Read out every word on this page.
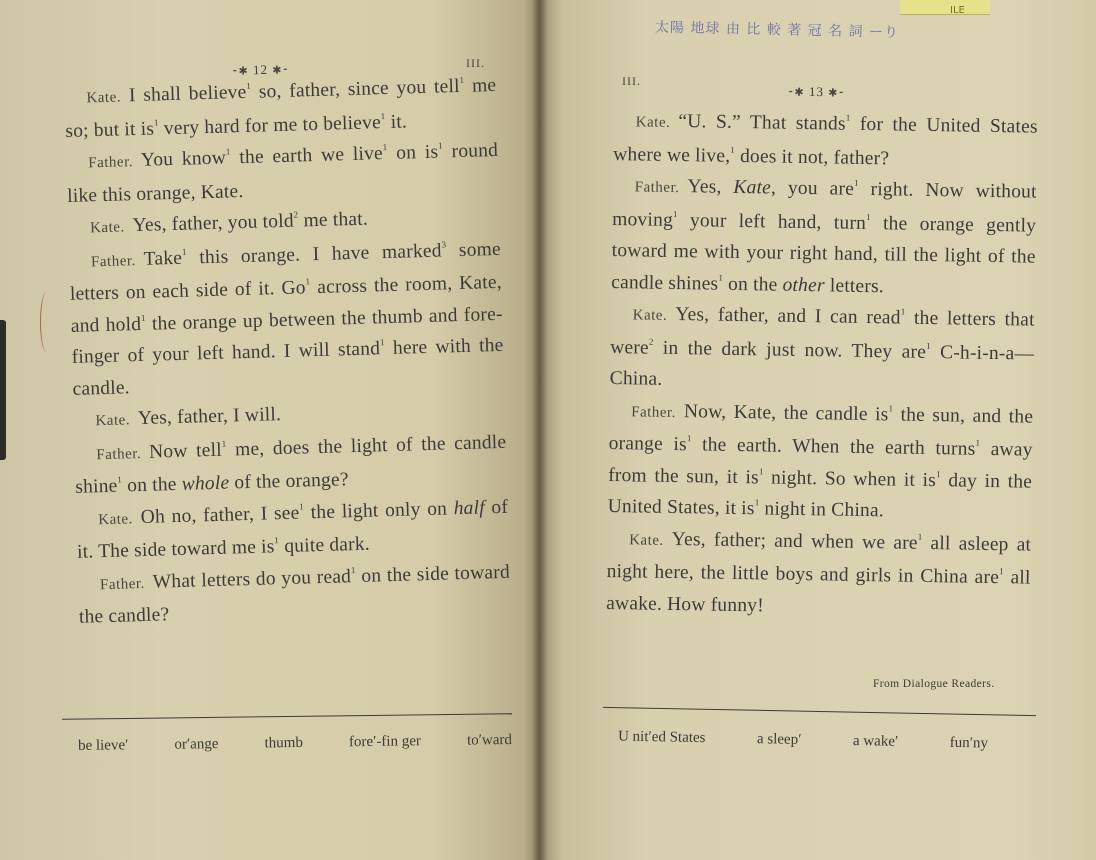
ILE
太陽 地球 由 比 較 著 冠 名 詞 ーり
⁃✱ 12 ✱⁃
III.
III.
⁃✱ 13 ✱⁃

Kate. I shall believe$^1$ so, father, since you tell$^1$ me so; but it $is^1$ very hard for me to believe$^1$ it.

Father. You know$^1$ the earth we live$^1$ on $is^1$ round like this orange, Kate.

Kate. Yes, father, you told$^2$ me that.

Father. Take$^1$ this orange. I have marked$^3$ some letters on each side of it. Go$^1$ across the room, Kate, and hold$^1$ the orange up between the thumb and fore-finger of your left hand. I will stand$^1$ here with the candle.

Kate. Yes, father, I will.

Father. Now tell$^1$ me, does the light of the candle shine$^1$ on the whole of the orange?

Kate. Oh no, father, I see$^1$ the light only on half of it. The side toward me $is^1$ quite dark.

Father. What letters do you read$^1$ on the side toward the candle?

Kate. “U. S.” That stands$^1$ for the United States where we live,$^1$ does it not, father?

Father. Yes, Kate, you are$^1$ right. Now without moving$^1$ your left hand, turn$^1$ the orange gently toward me with your right hand, till the light of the candle shines$^1$ on the other letters.

Kate. Yes, father, and I can read$^1$ the letters that were$^2$ in the dark just now. They are$^1$ C-h-i-n-a—China.

Father. Now, Kate, the candle $is^1$ the sun, and the orange $is^1$ the earth. When the earth turns$^1$ away from the sun, it $is^1$ night. So when it $is^1$ day in the United States, it $is^1$ night in China.

Kate. Yes, father; and when we are$^1$ all asleep at night here, the little boys and girls in China are$^1$ all awake. How funny!

From Dialogue Readers.
be lieve′	or′ange	thumb	fore′-fin ger	to′ward	U nit′ed States	a sleep′	a wake′	fun′ny
